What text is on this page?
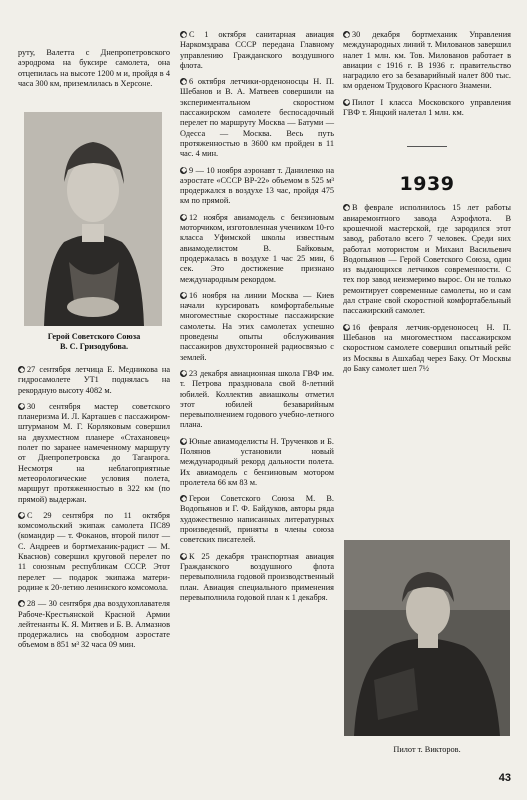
руту, Валетта с Днепропетровского аэродрома на буксире самолета, она отцепилась на высоте 1200 м и, пройдя в 4 часа 300 км, приземлилась в Херсоне.

Герой Советского Союза

В. С. Гризодубова.

27 сентября летчица Е. Медникова на гидросамолете УТ1 подняласъ на рекордную высоту 4082 м.

30 сентября мастер советского планеризма И. Л. Карташев с пассажиром-штурманом М. Г. Корляковым совершил на двухместном планере «Стахановец» полет по заранее намеченному маршруту от Днепропетровска до Таганрога. Несмотря на неблагоприятные метеорологические условия полета, маршрут протяженностью в 322 км (по прямой) выдержан.

С 29 сентября по 11 октября комсомольский экипаж самолета ПС89 (командир — т. Фоканов, второй пилот — С. Андреев и бортмеханик-радист — М. Кваснов) совершил круговой перелет по 11 союзным республикам СССР. Этот перелет — подарок экипажа матери-родине к 20-летию ленинского комсомола.

28 — 30 сентября два воздухоплавателя Рабоче-Крестьянской Красной Армии лейтенанты К. Я. Митяев и Б. В. Алмазнов продержались на свободном аэростате объемом в 851 м³ 32 часа 09 мин.

С 1 октября санитарная авиация Наркомздрава СССР передана Главному управлению Гражданского воздушного флота.

6 октября летчики-орденоносцы Н. П. Шебанов и В. А. Матвеев совершили на экспериментальном скоростном пассажирском самолете беспосадочный перелет по маршруту Москва — Батуми — Одесса — Москва. Весь путь протяженностью в 3600 км пройден в 11 час. 4 мин.

9 — 10 ноября аэронавт т. Даниленко на аэростате «СССР ВР-22» объемом в 525 м³ продержался в воздухе 13 час, пройдя 475 км по прямой.

12 ноября авиамодель с бензиновым моторчиком, изготовленная учеником 10-го класса Уфимской школы известным авиамоделистом В. Байковым, продержалась в воздухе 1 час 25 мин, 6 сек. Это достижение признано международным рекордом.

16 ноября на линии Москва — Киев начали курсировать комфортабельные многоместные скоростные пассажирские самолеты. На этих самолетах успешно проведены опыты обслуживания пассажиров двухсторонней радиосвязью с землей.

23 декабря авиационная школа ГВФ им. т. Петрова праздновала свой 8-летний юбилей. Коллектив авиашколы отметил этот юбилей безаварийным перевыполнением годового учебно-летного плана.

Юные авиамоделисты Н. Трученков и Б. Полянов установили новый международный рекорд дальности полета. Их авиамодель с бензиновым мотором пролетела 66 км 83 м.

Герои Советского Союза М. В. Водопьянов и Г. Ф. Байдуков, авторы ряда художественно написанных литературных произведений, приняты в члены союза советских писателей.

К 25 декабря транспортная авиация Гражданского воздушного флота перевыполнила годовой производственный план. Авиация специального применения перевыполнила годовой план к 1 декабря.

30 декабря бортмеханик Управления международных линий т. Милованов завершил налет 1 млн. км. Тов. Милованов работает в авиации с 1916 г. В 1936 г. правительство наградило его за безаварийный налет 800 тыс. км орденом Трудового Красного Знамени.

Пилот I класса Московского управления ГВФ т. Янцкий налетал 1 млн. км.

1939

В феврале исполнилось 15 лет работы авиаремонтного завода Аэрофлота. В крошечной мастерской, где зародился этот завод, работало всего 7 человек. Среди них работал мотористом и Михаил Васильевич Водопьянов — Герой Советского Союза, один из выдающихся летчиков современности. С тех пор завод неизмеримо вырос. Он не только ремонтирует современные самолеты, но и сам дал стране свой скоростной комфортабельный пассажирский самолет.

16 февраля летчик-орденоносец Н. П. Шебанов на многоместном пассажирском скоростном самолете совершил опытный рейс из Москвы в Ашхабад через Баку. От Москвы до Баку самолет шел 7½

Пилот т. Викторов.

43
